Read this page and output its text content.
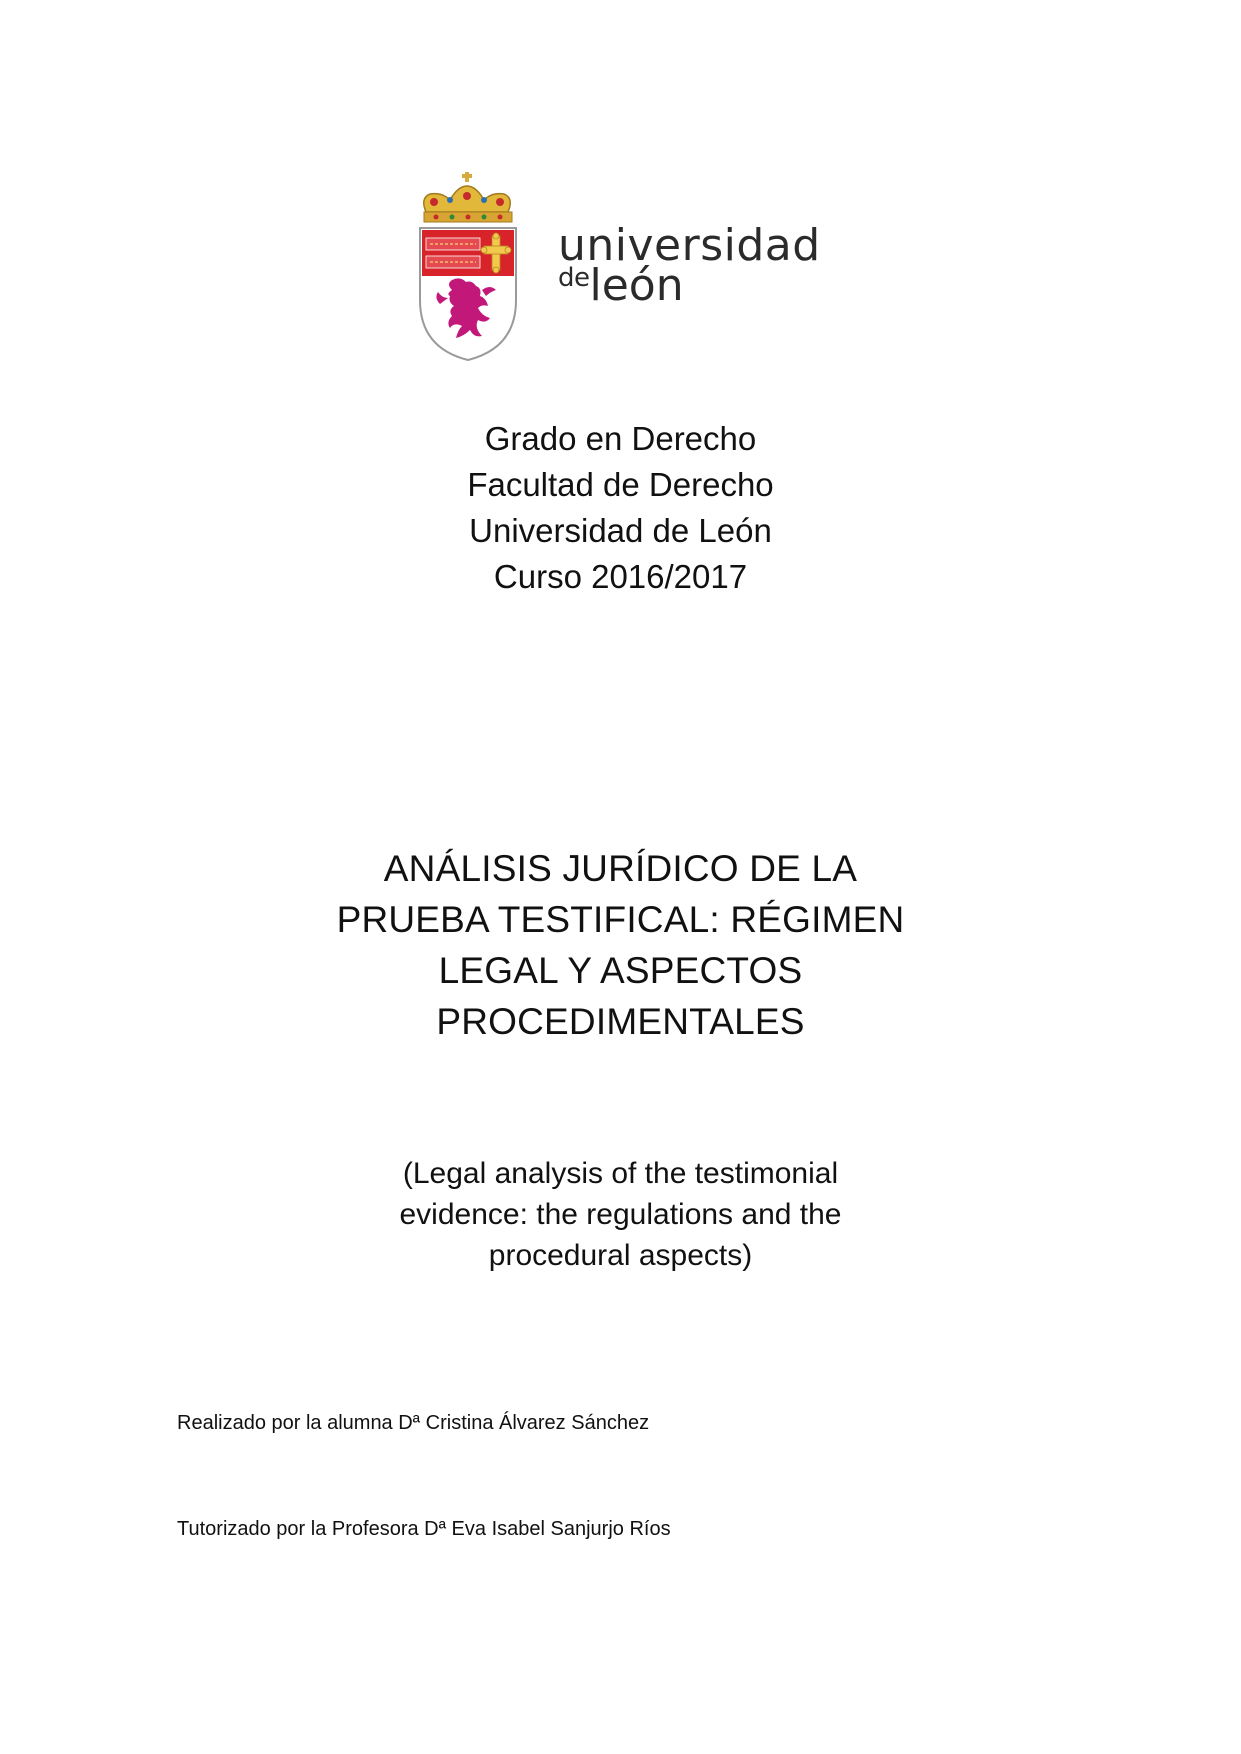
universidad
deleón
Grado en Derecho
Facultad de Derecho
Universidad de León
Curso 2016/2017
ANÁLISIS JURÍDICO DE LA
PRUEBA TESTIFICAL: RÉGIMEN
LEGAL Y ASPECTOS
PROCEDIMENTALES
(Legal analysis of the testimonial
evidence: the regulations and the
procedural aspects)
Realizado por la alumna Dª Cristina Álvarez Sánchez
Tutorizado por la Profesora Dª Eva Isabel Sanjurjo Ríos
